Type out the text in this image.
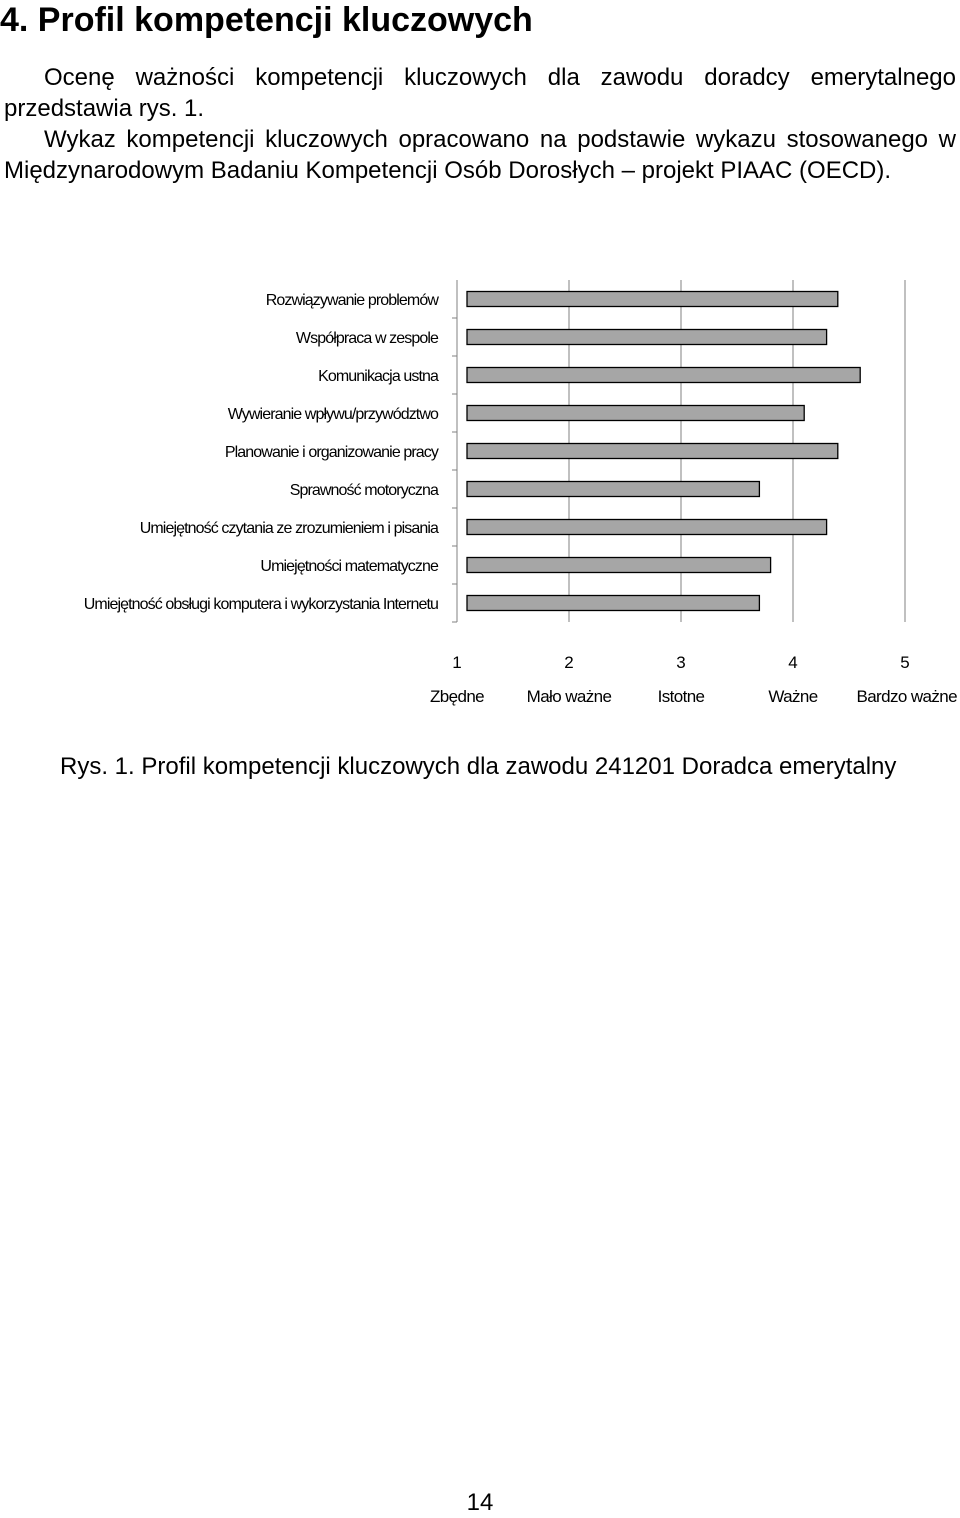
4. Profil kompetencji kluczowych

Ocenę ważności kompetencji kluczowych dla zawodu doradcy emerytalnego przedstawia rys. 1.

Wykaz kompetencji kluczowych opracowano na podstawie wykazu stosowanego w Międzynarodowym Badaniu Kompetencji Osób Dorosłych – projekt PIAAC (OECD).

Rozwiązywanie problemów
Współpraca w zespole
Komunikacja ustna
Wywieranie wpływu/przywództwo
Planowanie i organizowanie pracy
Sprawność motoryczna
Umiejętność czytania ze zrozumieniem i pisania
Umiejętności matematyczne
Umiejętność obsługi komputera i wykorzystania Internetu
1	2	3	4	5
Zbędne	Mało ważne	Istotne	Ważne Bardzo ważne

Rys. 1. Profil kompetencji kluczowych dla zawodu 241201 Doradca emerytalny

14
